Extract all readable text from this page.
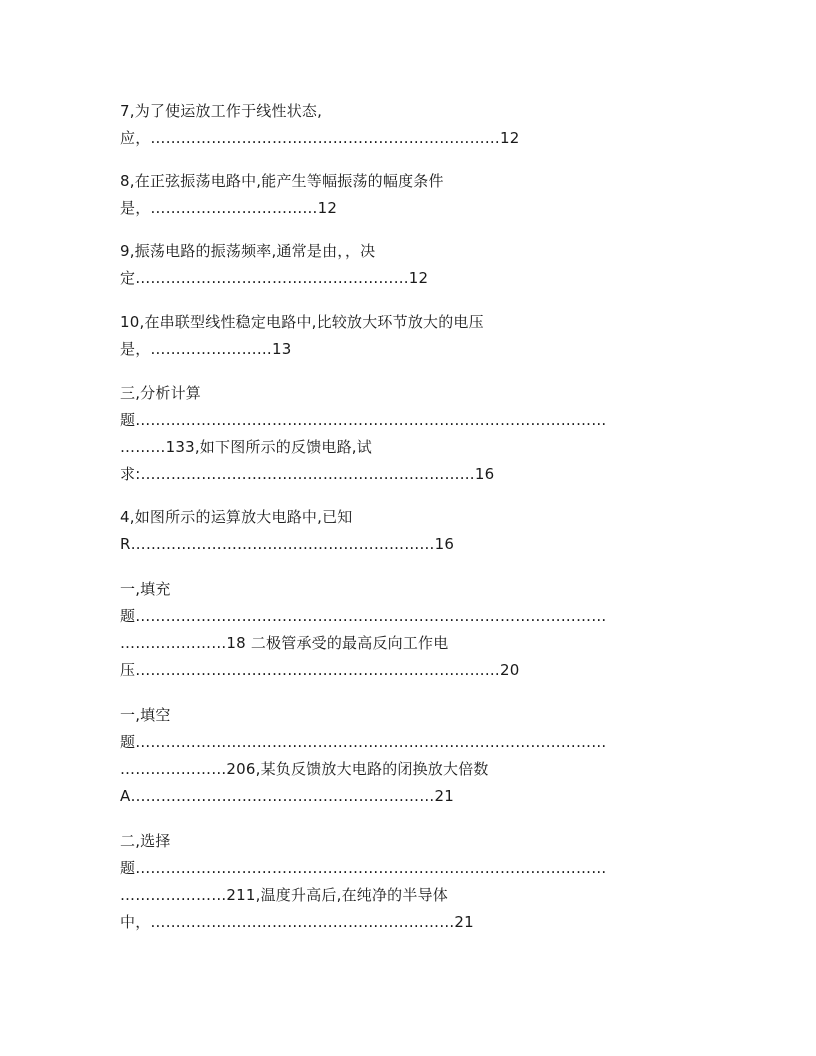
7,为了使运放工作于线性状态,
应，……………………………………………………………12
8,在正弦振荡电路中,能产生等幅振荡的幅度条件
是，……………………………12
9,振荡电路的振荡频率,通常是由，，决
定………………………………………………12
10,在串联型线性稳定电路中,比较放大环节放大的电压
是，……………………13
三,分析计算
题…………………………………………………………………………………
………133,如下图所示的反馈电路,试
求:…………………………………………………………16
4,如图所示的运算放大电路中,已知
R……………………………………………………16
一,填充
题…………………………………………………………………………………
…………………18 二极管承受的最高反向工作电
压………………………………………………………………20
一,填空
题…………………………………………………………………………………
…………………206,某负反馈放大电路的闭换放大倍数
A……………………………………………………21
二,选择
题…………………………………………………………………………………
…………………211,温度升高后,在纯净的半导体
中，……………………………………………………21
